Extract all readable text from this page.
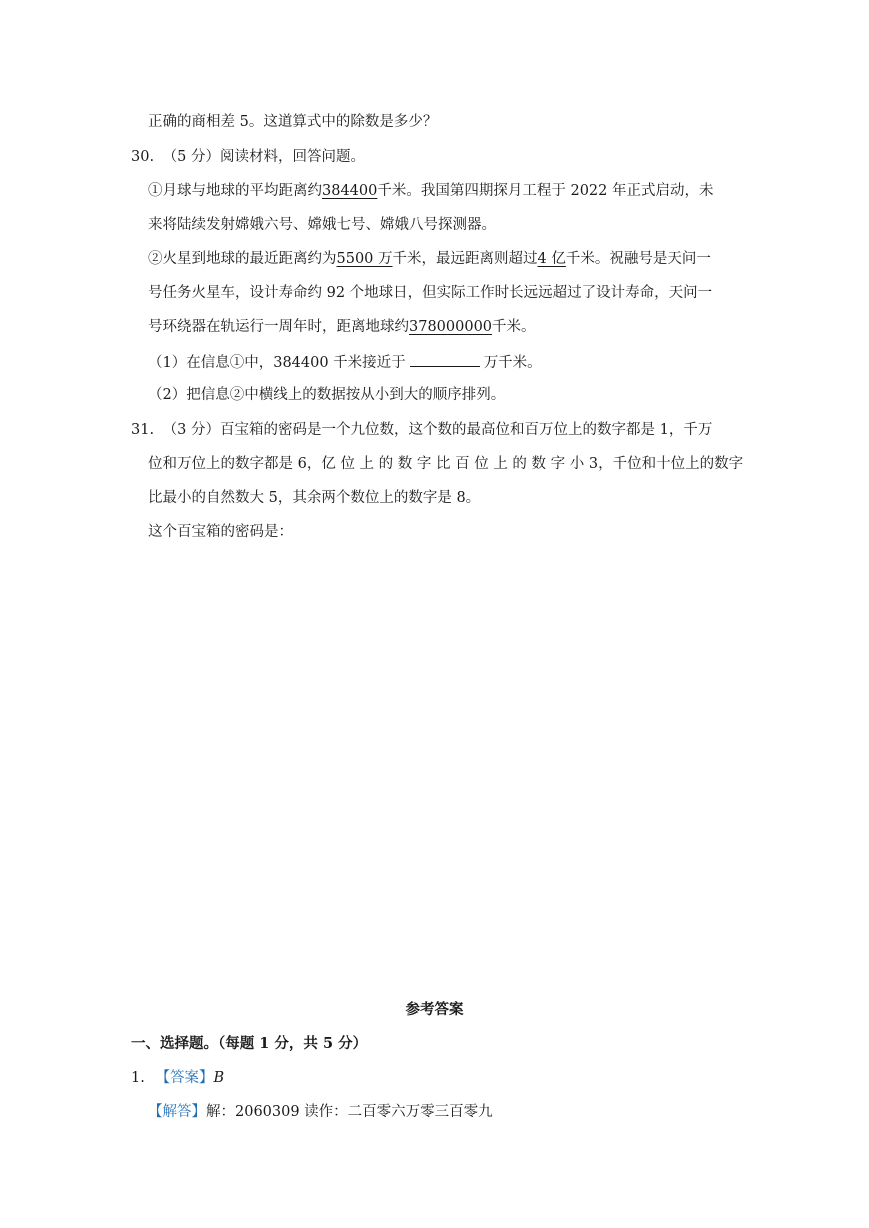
正确的商相差 5。这道算式中的除数是多少？
30. （5 分）阅读材料，回答问题。
①月球与地球的平均距离约384400千米。我国第四期探月工程于 2022 年正式启动，未
来将陆续发射嫦娥六号、嫦娥七号、嫦娥八号探测器。
②火星到地球的最近距离约为5500 万千米，最远距离则超过4 亿千米。祝融号是天问一
号任务火星车，设计寿命约 92 个地球日，但实际工作时长远远超过了设计寿命，天问一
号环绕器在轨运行一周年时，距离地球约378000000千米。
（1）在信息①中，384400 千米接近于	万千米。
（2）把信息②中横线上的数据按从小到大的顺序排列。
31. （3 分）百宝箱的密码是一个九位数，这个数的最高位和百万位上的数字都是 1，千万
位和万位上的数字都是 6，亿 位 上 的 数 字 比 百 位 上 的 数 字 小 3，千位和十位上的数字
比最小的自然数大 5，其余两个数位上的数字是 8。
这个百宝箱的密码是：
参考答案
一、选择题。（每题 1 分，共 5 分）
1. 【答案】B
【解答】解：2060309 读作：二百零六万零三百零九
